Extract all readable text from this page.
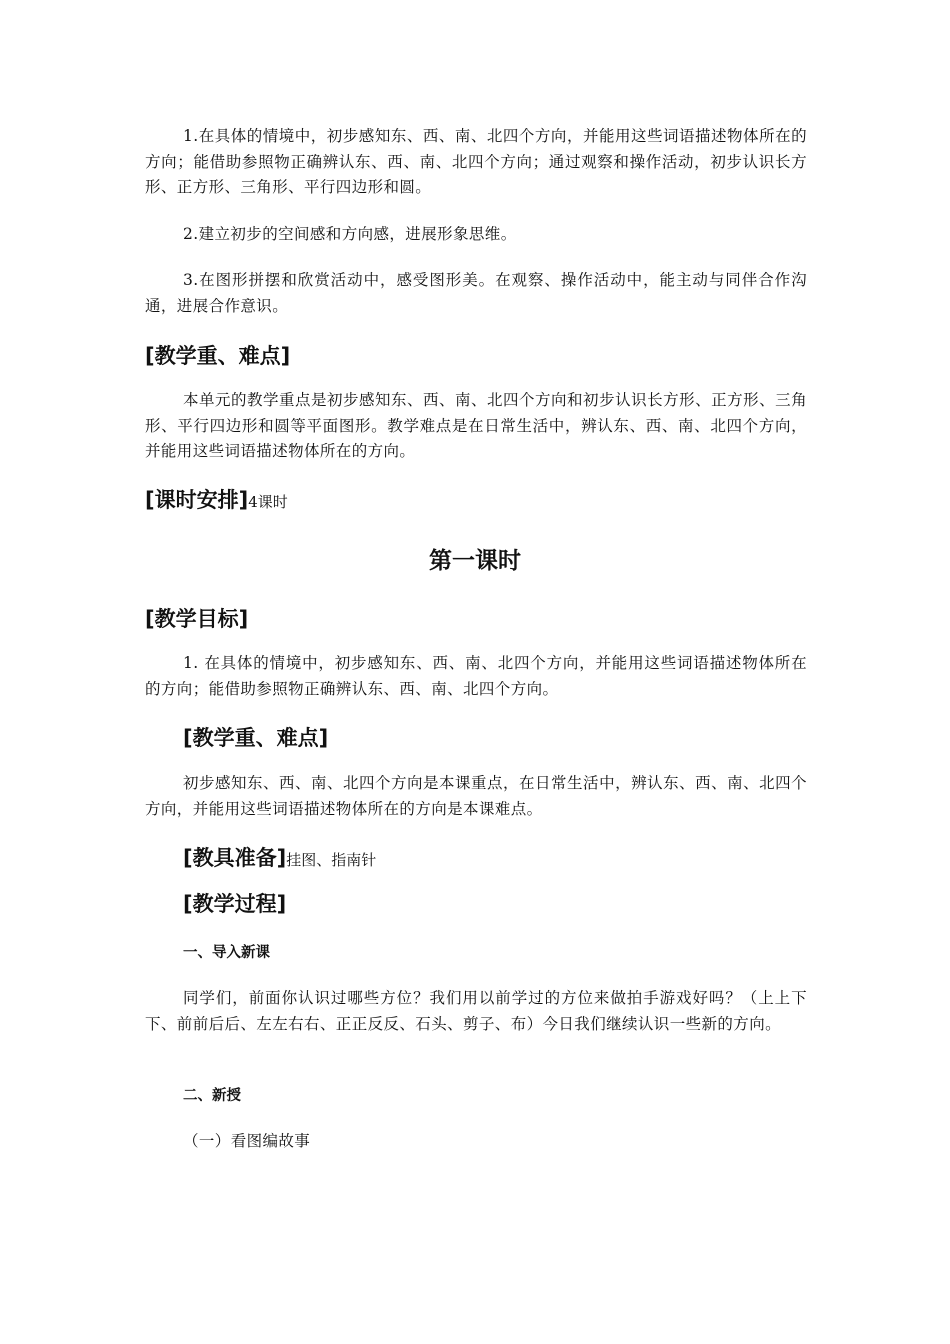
1.在具体的情境中，初步感知东、西、南、北四个方向，并能用这些词语描述物体所在的方向；能借助参照物正确辨认东、西、南、北四个方向；通过观察和操作活动，初步认识长方形、正方形、三角形、平行四边形和圆。

2.建立初步的空间感和方向感，进展形象思维。

3.在图形拼摆和欣赏活动中，感受图形美。在观察、操作活动中，能主动与同伴合作沟通，进展合作意识。

[教学重、难点]

本单元的教学重点是初步感知东、西、南、北四个方向和初步认识长方形、正方形、三角形、平行四边形和圆等平面图形。教学难点是在日常生活中，辨认东、西、南、北四个方向，并能用这些词语描述物体所在的方向。

[课时安排]4课时
第一课时
[教学目标]

1. 在具体的情境中，初步感知东、西、南、北四个方向，并能用这些词语描述物体所在的方向；能借助参照物正确辨认东、西、南、北四个方向。

[教学重、难点]

初步感知东、西、南、北四个方向是本课重点，在日常生活中，辨认东、西、南、北四个方向，并能用这些词语描述物体所在的方向是本课难点。

[教具准备]挂图、指南针
[教学过程]
一、导入新课

同学们，前面你认识过哪些方位？我们用以前学过的方位来做拍手游戏好吗？（上上下下、前前后后、左左右右、正正反反、石头、剪子、布）今日我们继续认识一些新的方向。

二、新授

（一）看图编故事
